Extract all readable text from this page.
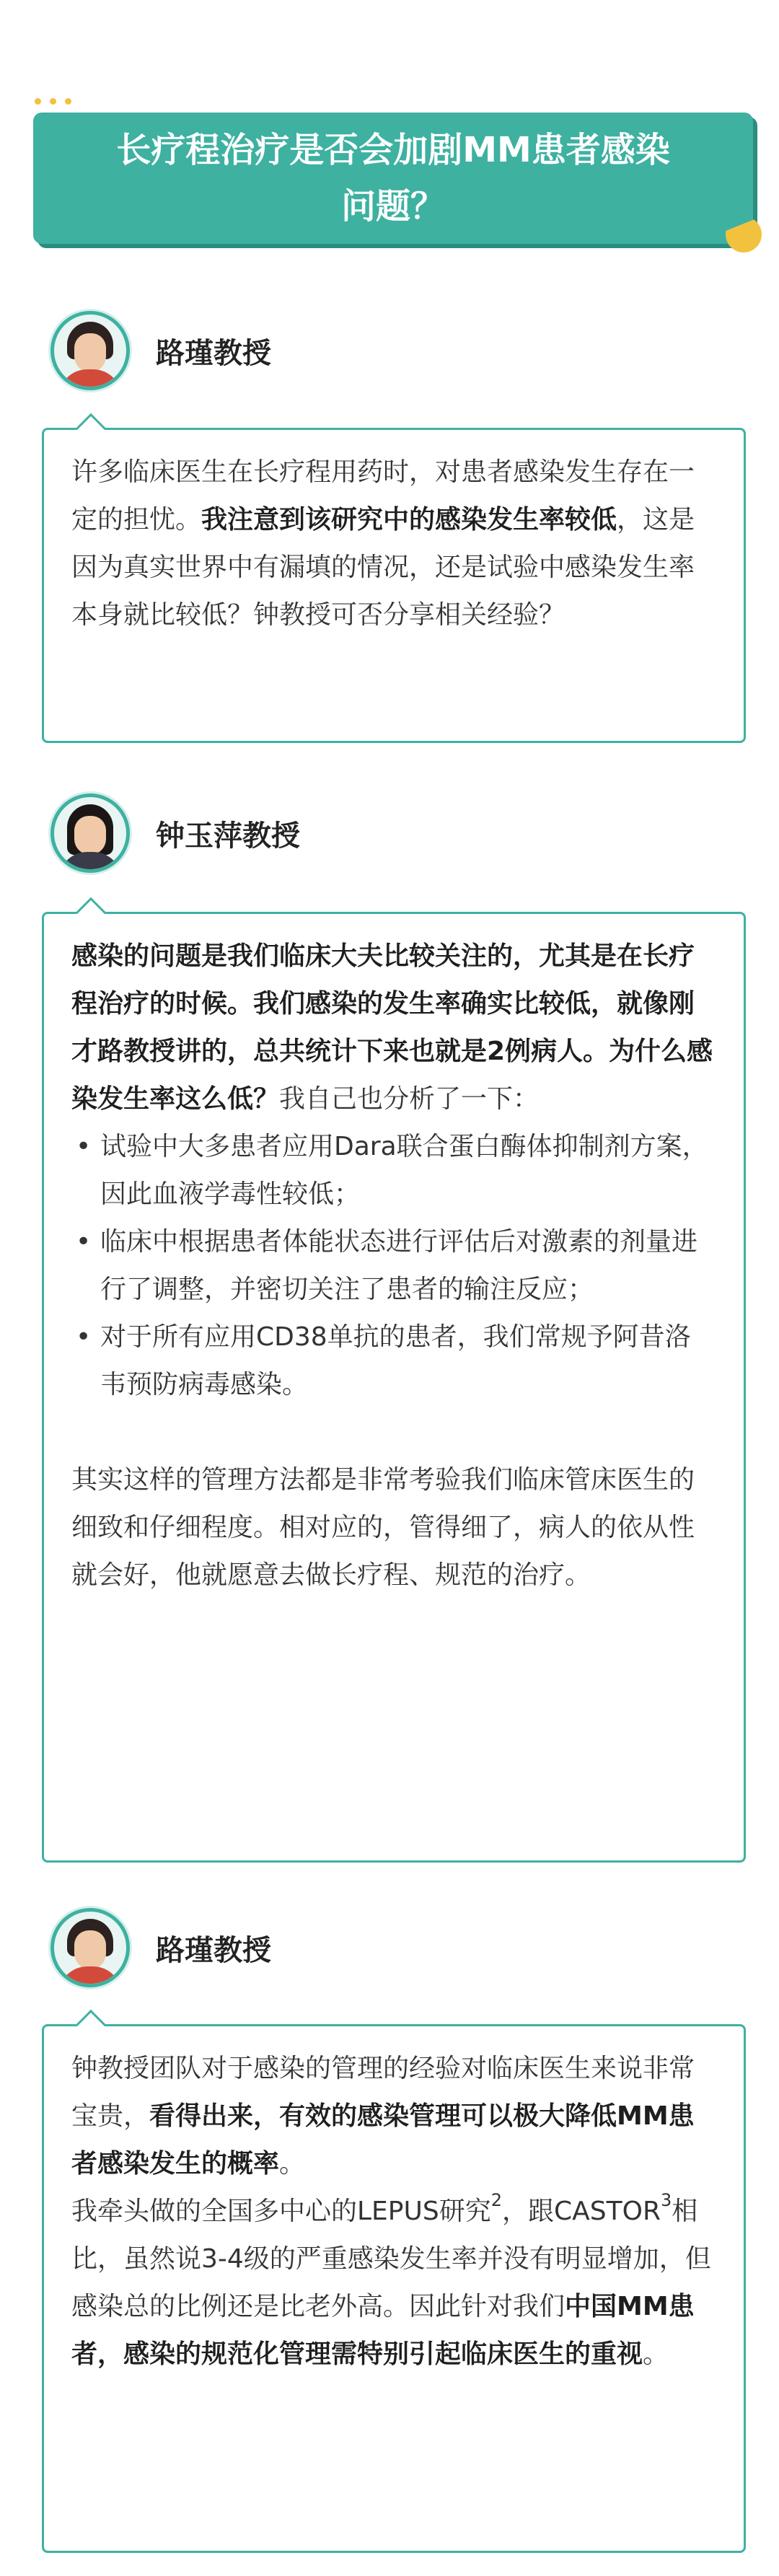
长疗程治疗是否会加剧MM患者感染
问题？
路瑾教授

许多临床医生在长疗程用药时，对患者感染发生存在一定的担忧。我注意到该研究中的感染发生率较低，这是因为真实世界中有漏填的情况，还是试验中感染发生率本身就比较低？钟教授可否分享相关经验？

钟玉萍教授

感染的问题是我们临床大夫比较关注的，尤其是在长疗程治疗的时候。我们感染的发生率确实比较低，就像刚才路教授讲的，总共统计下来也就是2例病人。为什么感染发生率这么低？我自己也分析了一下：

• 试验中大多患者应用Dara联合蛋白酶体抑制剂方案，因此血液学毒性较低；
• 临床中根据患者体能状态进行评估后对激素的剂量进行了调整，并密切关注了患者的输注反应；
• 对于所有应用CD38单抗的患者，我们常规予阿昔洛韦预防病毒感染。

其实这样的管理方法都是非常考验我们临床管床医生的细致和仔细程度。相对应的，管得细了，病人的依从性就会好，他就愿意去做长疗程、规范的治疗。

路瑾教授

钟教授团队对于感染的管理的经验对临床医生来说非常宝贵，看得出来，有效的感染管理可以极大降低MM患者感染发生的概率。

我牵头做的全国多中心的LEPUS研究$^2$，跟CASTOR$^3$相比，虽然说3-4级的严重感染发生率并没有明显增加，但感染总的比例还是比老外高。因此针对我们中国MM患者，感染的规范化管理需特别引起临床医生的重视。
